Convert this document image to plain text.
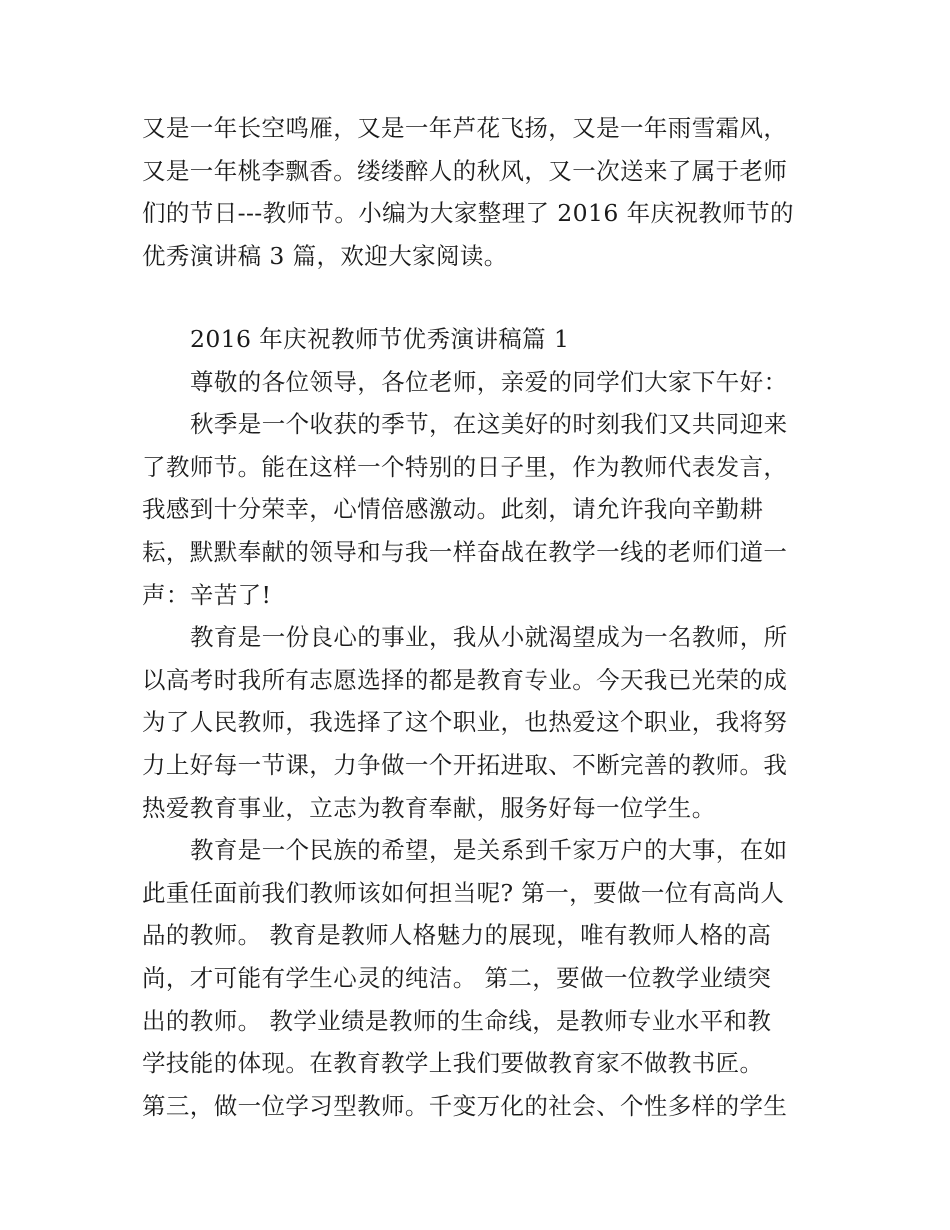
又是一年长空鸣雁，又是一年芦花飞扬，又是一年雨雪霜风，
又是一年桃李飘香。缕缕醉人的秋风，又一次送来了属于老师
们的节日---教师节。小编为大家整理了 2016 年庆祝教师节的
优秀演讲稿 3 篇，欢迎大家阅读。
2016 年庆祝教师节优秀演讲稿篇 1
尊敬的各位领导，各位老师，亲爱的同学们大家下午好：
秋季是一个收获的季节，在这美好的时刻我们又共同迎来
了教师节。能在这样一个特别的日子里，作为教师代表发言，
我感到十分荣幸，心情倍感激动。此刻，请允许我向辛勤耕
耘，默默奉献的领导和与我一样奋战在教学一线的老师们道一
声：辛苦了!
教育是一份良心的事业，我从小就渴望成为一名教师，所
以高考时我所有志愿选择的都是教育专业。今天我已光荣的成
为了人民教师，我选择了这个职业，也热爱这个职业，我将努
力上好每一节课，力争做一个开拓进取、不断完善的教师。我
热爱教育事业，立志为教育奉献，服务好每一位学生。
教育是一个民族的希望，是关系到千家万户的大事，在如
此重任面前我们教师该如何担当呢? 第一，要做一位有高尚人
品的教师。 教育是教师人格魅力的展现，唯有教师人格的高
尚，才可能有学生心灵的纯洁。 第二，要做一位教学业绩突
出的教师。 教学业绩是教师的生命线，是教师专业水平和教
学技能的体现。在教育教学上我们要做教育家不做教书匠。
第三，做一位学习型教师。千变万化的社会、个性多样的学生
